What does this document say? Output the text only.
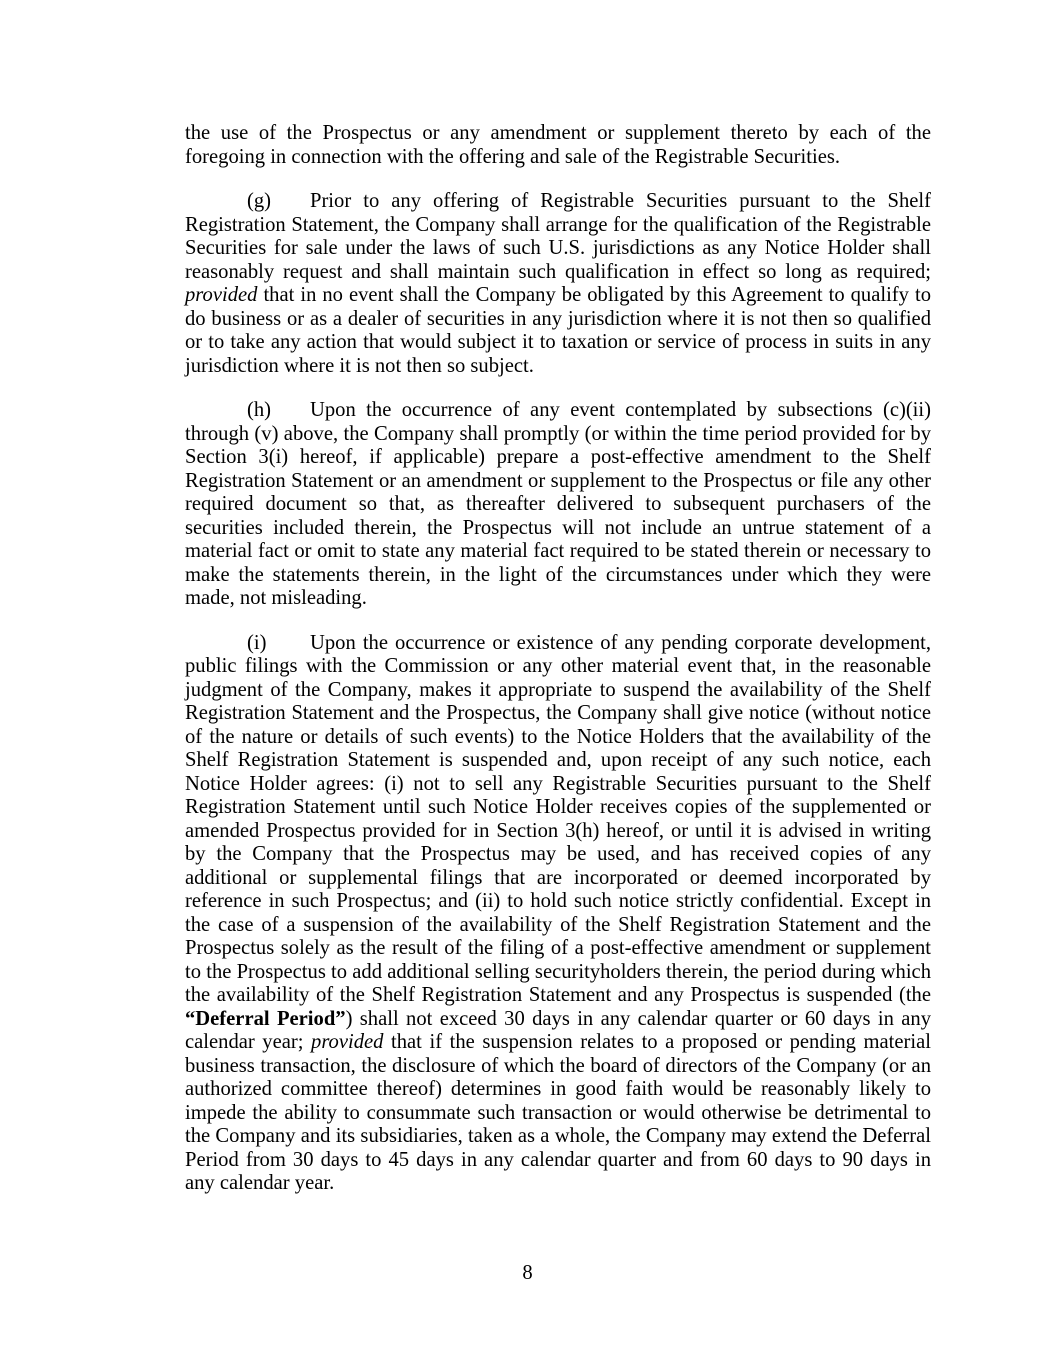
the use of the Prospectus or any amendment or supplement thereto by each of the foregoing in connection with the offering and sale of the Registrable Securities.

(g) Prior to any offering of Registrable Securities pursuant to the Shelf Registration Statement, the Company shall arrange for the qualification of the Registrable Securities for sale under the laws of such U.S. jurisdictions as any Notice Holder shall reasonably request and shall maintain such qualification in effect so long as required; provided that in no event shall the Company be obligated by this Agreement to qualify to do business or as a dealer of securities in any jurisdiction where it is not then so qualified or to take any action that would subject it to taxation or service of process in suits in any jurisdiction where it is not then so subject.

(h) Upon the occurrence of any event contemplated by subsections (c)(ii) through (v) above, the Company shall promptly (or within the time period provided for by Section 3(i) hereof, if applicable) prepare a post-effective amendment to the Shelf Registration Statement or an amendment or supplement to the Prospectus or file any other required document so that, as thereafter delivered to subsequent purchasers of the securities included therein, the Prospectus will not include an untrue statement of a material fact or omit to state any material fact required to be stated therein or necessary to make the statements therein, in the light of the circumstances under which they were made, not misleading.

(i) Upon the occurrence or existence of any pending corporate development, public filings with the Commission or any other material event that, in the reasonable judgment of the Company, makes it appropriate to suspend the availability of the Shelf Registration Statement and the Prospectus, the Company shall give notice (without notice of the nature or details of such events) to the Notice Holders that the availability of the Shelf Registration Statement is suspended and, upon receipt of any such notice, each Notice Holder agrees: (i) not to sell any Registrable Securities pursuant to the Shelf Registration Statement until such Notice Holder receives copies of the supplemented or amended Prospectus provided for in Section 3(h) hereof, or until it is advised in writing by the Company that the Prospectus may be used, and has received copies of any additional or supplemental filings that are incorporated or deemed incorporated by reference in such Prospectus; and (ii) to hold such notice strictly confidential. Except in the case of a suspension of the availability of the Shelf Registration Statement and the Prospectus solely as the result of the filing of a post-effective amendment or supplement to the Prospectus to add additional selling securityholders therein, the period during which the availability of the Shelf Registration Statement and any Prospectus is suspended (the “Deferral Period”) shall not exceed 30 days in any calendar quarter or 60 days in any calendar year; provided that if the suspension relates to a proposed or pending material business transaction, the disclosure of which the board of directors of the Company (or an authorized committee thereof) determines in good faith would be reasonably likely to impede the ability to consummate such transaction or would otherwise be detrimental to the Company and its subsidiaries, taken as a whole, the Company may extend the Deferral Period from 30 days to 45 days in any calendar quarter and from 60 days to 90 days in any calendar year.

8
